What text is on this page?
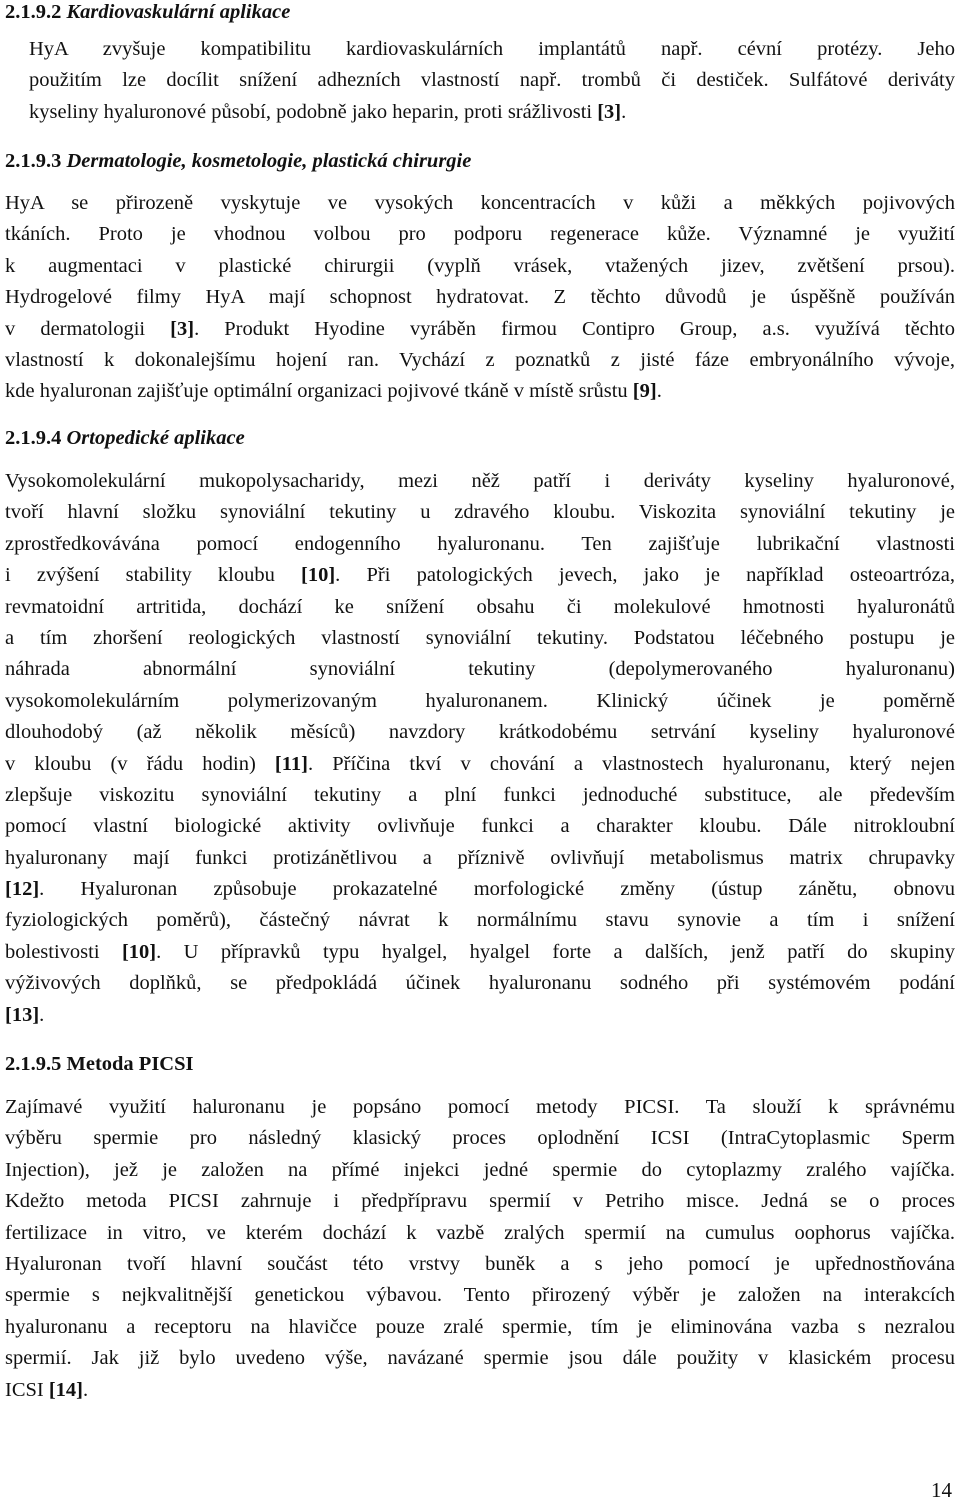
2.1.9.2 Kardiovaskulární aplikace
HyA zvyšuje kompatibilitu kardiovaskulárních implantátů např. cévní protézy. Jeho
použitím lze docílit snížení adhezních vlastností např. trombů či destiček. Sulfátové deriváty
kyseliny hyaluronové působí, podobně jako heparin, proti srážlivosti [3].
2.1.9.3 Dermatologie, kosmetologie, plastická chirurgie
HyA se přirozeně vyskytuje ve vysokých koncentracích v kůži a měkkých pojivových
tkáních. Proto je vhodnou volbou pro podporu regenerace kůže. Významné je využití
k augmentaci v plastické chirurgii (vyplň vrásek, vtažených jizev, zvětšení prsou).
Hydrogelové filmy HyA mají schopnost hydratovat. Z těchto důvodů je úspěšně používán
v dermatologii [3]. Produkt Hyodine vyráběn firmou Contipro Group, a.s. využívá těchto
vlastností k dokonalejšímu hojení ran. Vychází z poznatků z jisté fáze embryonálního vývoje,
kde hyaluronan zajišťuje optimální organizaci pojivové tkáně v místě srůstu [9].
2.1.9.4 Ortopedické aplikace
Vysokomolekulární mukopolysacharidy, mezi něž patří i deriváty kyseliny hyaluronové,
tvoří hlavní složku synoviální tekutiny u zdravého kloubu. Viskozita synoviální tekutiny je
zprostředkovávána pomocí endogenního hyaluronanu. Ten zajišťuje lubrikační vlastnosti
i zvýšení stability kloubu [10]. Při patologických jevech, jako je například osteoartróza,
revmatoidní artritida, dochází ke snížení obsahu či molekulové hmotnosti hyaluronátů
a tím zhoršení reologických vlastností synoviální tekutiny. Podstatou léčebného postupu je
náhrada abnormální synoviální tekutiny (depolymerovaného hyaluronanu)
vysokomolekulárním polymerizovaným hyaluronanem. Klinický účinek je poměrně
dlouhodobý (až několik měsíců) navzdory krátkodobému setrvání kyseliny hyaluronové
v kloubu (v řádu hodin) [11]. Příčina tkví v chování a vlastnostech hyaluronanu, který nejen
zlepšuje viskozitu synoviální tekutiny a plní funkci jednoduché substituce, ale především
pomocí vlastní biologické aktivity ovlivňuje funkci a charakter kloubu. Dále nitrokloubní
hyaluronany mají funkci protizánětlivou a příznivě ovlivňují metabolismus matrix chrupavky
[12]. Hyaluronan způsobuje prokazatelné morfologické změny (ústup zánětu, obnovu
fyziologických poměrů), částečný návrat k normálnímu stavu synovie a tím i snížení
bolestivosti [10]. U přípravků typu hyalgel, hyalgel forte a dalších, jenž patří do skupiny
výživových doplňků, se předpokládá účinek hyaluronanu sodného při systémovém podání
[13].
2.1.9.5 Metoda PICSI
Zajímavé využití haluronanu je popsáno pomocí metody PICSI. Ta slouží k správnému
výběru spermie pro následný klasický proces oplodnění ICSI (IntraCytoplasmic Sperm
Injection), jež je založen na přímé injekci jedné spermie do cytoplazmy zralého vajíčka.
Kdežto metoda PICSI zahrnuje i předpřípravu spermií v Petriho misce. Jedná se o proces
fertilizace in vitro, ve kterém dochází k vazbě zralých spermií na cumulus oophorus vajíčka.
Hyaluronan tvoří hlavní součást této vrstvy buněk a s jeho pomocí je upřednostňována
spermie s nejkvalitnější genetickou výbavou. Tento přirozený výběr je založen na interakcích
hyaluronanu a receptoru na hlavičce pouze zralé spermie, tím je eliminována vazba s nezralou
spermií. Jak již bylo uvedeno výše, navázané spermie jsou dále použity v klasickém procesu
ICSI [14].
14
